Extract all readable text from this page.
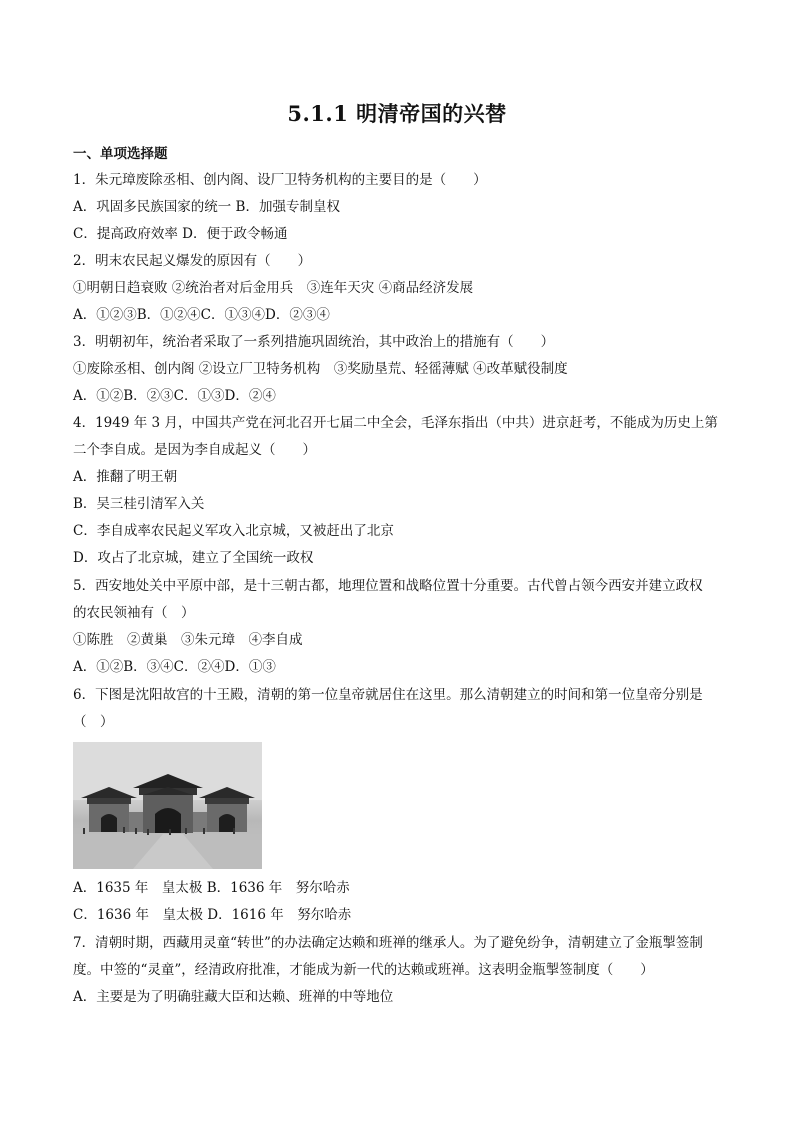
5.1.1 明清帝国的兴替
一、单项选择题
1．朱元璋废除丞相、创内阁、设厂卫特务机构的主要目的是（　　）
A．巩固多民族国家的统一 B．加强专制皇权
C．提高政府效率 D．便于政令畅通
2．明末农民起义爆发的原因有（　　）
①明朝日趋衰败 ②统治者对后金用兵　③连年天灾 ④商品经济发展
A．①②③B．①②④C．①③④D．②③④
3．明朝初年，统治者采取了一系列措施巩固统治，其中政治上的措施有（　　）
①废除丞相、创内阁 ②设立厂卫特务机构　③奖励垦荒、轻徭薄赋 ④改革赋役制度
A．①②B．②③C．①③D．②④
4．1949 年 3 月，中国共产党在河北召开七届二中全会，毛泽东指出（中共）进京赶考，不能成为历史上第
二个李自成。是因为李自成起义（　　）
A．推翻了明王朝
B．吴三桂引清军入关
C．李自成率农民起义军攻入北京城，又被赶出了北京
D．攻占了北京城，建立了全国统一政权
5．西安地处关中平原中部，是十三朝古都，地理位置和战略位置十分重要。古代曾占领今西安并建立政权
的农民领袖有（　）
①陈胜　②黄巢　③朱元璋　④李自成
A．①②B．③④C．②④D．①③
6．下图是沈阳故宫的十王殿，清朝的第一位皇帝就居住在这里。那么清朝建立的时间和第一位皇帝分别是
（　）
A．1635 年　皇太极 B．1636 年　努尔哈赤
C．1636 年　皇太极 D．1616 年　努尔哈赤
7．清朝时期，西藏用灵童“转世”的办法确定达赖和班禅的继承人。为了避免纷争，清朝建立了金瓶掣签制
度。中签的“灵童”，经清政府批准，才能成为新一代的达赖或班禅。这表明金瓶掣签制度（　　）
A．主要是为了明确驻藏大臣和达赖、班禅的中等地位
